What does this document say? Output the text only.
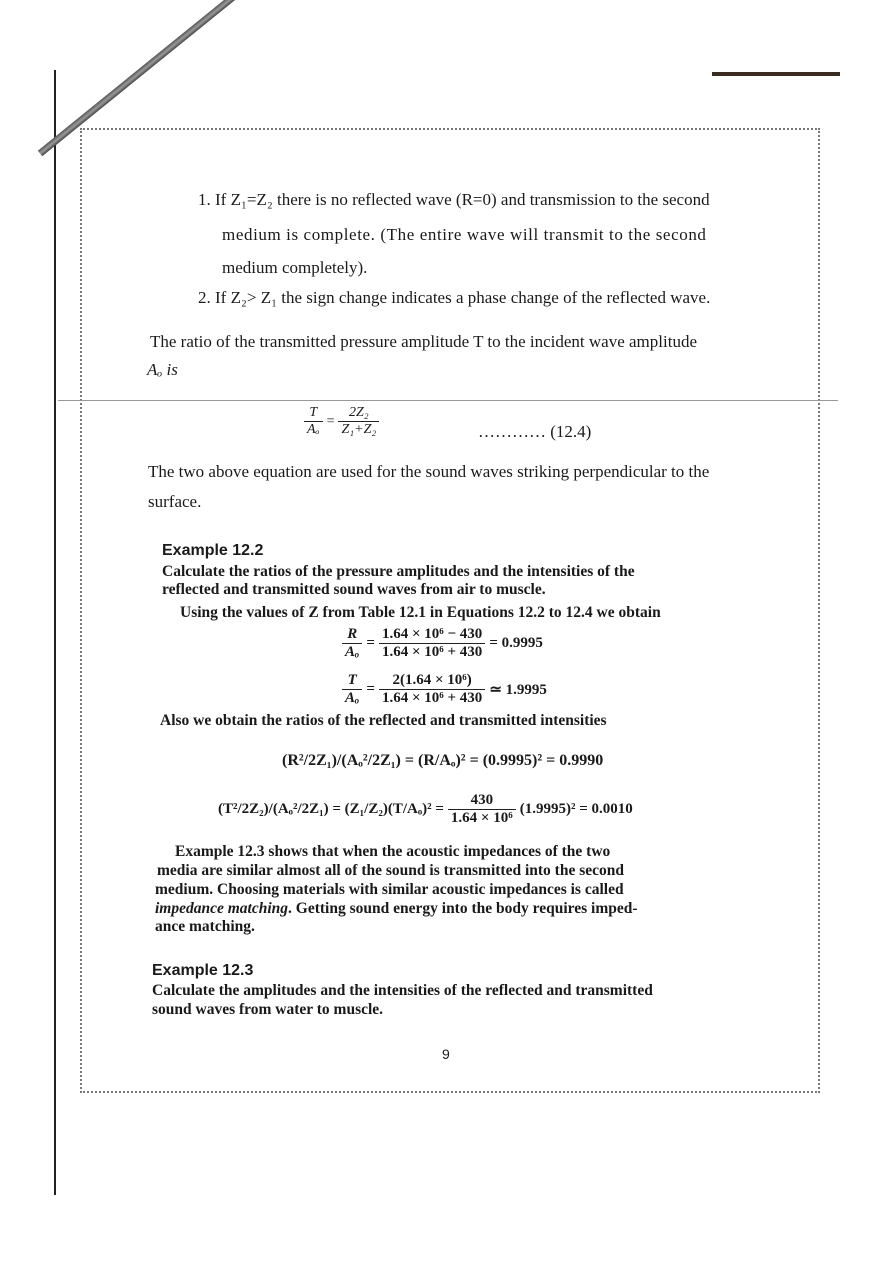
1. If Z₁=Z₂ there is no reflected wave (R=0) and transmission to the second
medium is complete. (The entire wave will transmit to the second
medium completely).
2. If Z₂> Z₁ the sign change indicates a phase change of the reflected wave.
The ratio of the transmitted pressure amplitude T to the incident wave amplitude
Aₒ is
$\frac{T}{\text{Aₒ}} = \frac{\text{2Z₂}}{\text{Z₁+Z₂}}$	………… (12.4)
The two above equation are used for the sound waves striking perpendicular to the
surface.
Example 12.2
Calculate the ratios of the pressure amplitudes and the intensities of the
reflected and transmitted sound waves from air to muscle.
Using the values of Z from Table 12.1 in Equations 12.2 to 12.4 we obtain
$\frac{R}{\text{Aₒ}} = \frac{\text{1.64 × 10⁶ − 430}}{\text{1.64 × 10⁶ + 430}} = 0.9995$
$\frac{T}{\text{Aₒ}} = \frac{\text{2(1.64 × 10⁶)}}{\text{1.64 × 10⁶ + 430}}$ ≃ 1.9995
Also we obtain the ratios of the reflected and transmitted intensities
(R²/2Z₁)/(Aₒ²/2Z₁) = (R/Aₒ)² = (0.9995)² = 0.9990
$(T^2/2Z_2)/(A_o^2/2Z_1) = (Z_1/Z_2)(T/A_o)^2 = \frac{430}{\text{1.64 × 10⁶}} (1.9995)^2 = 0.0010$
Example 12.3 shows that when the acoustic impedances of the two
media are similar almost all of the sound is transmitted into the second
medium. Choosing materials with similar acoustic impedances is called
impedance matching. Getting sound energy into the body requires imped-
ance matching.
Example 12.3
Calculate the amplitudes and the intensities of the reflected and transmitted
sound waves from water to muscle.
9
